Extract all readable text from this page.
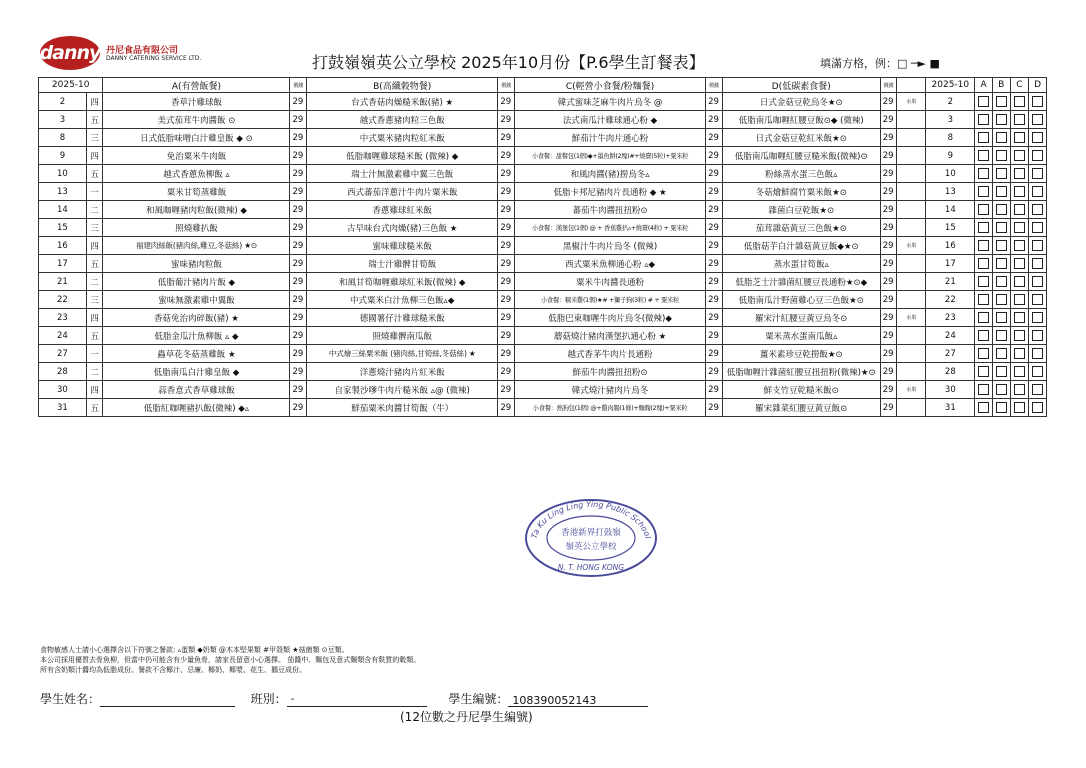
danny 丹尼食品有限公司
DANNY CATERING SERVICE LTD.	打鼓嶺嶺英公立學校 2025年10月份【P.6學生訂餐表】	填滿方格，例：□ ─► ■
2025-10		A(有營飯餐)	價錢	B(高纖穀物餐)	價錢	C(輕營小食餐/粉麵餐)	價錢	D(低碳素食餐)	價錢		2025-10	A	B	C	D
2	四	香草汁雞球飯	29	台式香菇肉燥糙米飯(豬) ★	29	韓式蜜味芝麻牛肉片烏冬 @	29	日式金菇豆乾烏冬★⊙	29	水果	2				
3	五	美式茄茸牛肉醬飯 ⊙	29	越式香蔥豬肉粒三色飯	29	法式南瓜汁雞球通心粉 ◆	29	低脂南瓜咖喱紅腰豆飯⊙◆ (微辣)	29		3				
8	三	日式低脂味噌白汁雞皇飯 ◆ ⊙	29	中式粟米豬肉粒紅米飯	29	鮮茄汁牛肉片通心粉	29	日式金菇豆乾紅米飯★⊙	29		8				
9	四	免治粟米牛肉飯	29	低脂咖喱雞球糙米飯 (微辣) ◆	29	小食餐：甜餐包(1個)◆+墨魚餅(2塊)#+燒賣(5粒)+粟米粒	29	低脂南瓜咖喱紅腰豆糙米飯(微辣)⊙	29		9				
10	五	越式香蔥魚柳飯 ▵	29	瑞士汁無激素雞中翼三色飯	29	和風肉醬(豬)撈烏冬▵	29	粉絲蒸水蛋三色飯▵	29		10				
13	一	粟米甘筍蒸雞飯	29	西式蕃茄洋蔥汁牛肉片粟米飯	29	低脂卡邦尼豬肉片長通粉 ◆ ★	29	冬菇燴鮮腐竹粟米飯★⊙	29		13				
14	二	和風咖喱豬肉粒飯(微辣) ◆	29	香蔥雞球紅米飯	29	蕃茄牛肉醬扭扭粉⊙	29	雜菌白豆乾飯★⊙	29		14				
15	三	照燒雞扒飯	29	古早味台式肉燥(豬)三色飯 ★	29	小食餐：漢堡包(1個) @ + 香蕉雞扒▵+燒賣(4粒) + 粟米粒	29	茄茸雜菇黃豆三色飯★⊙	29		15				
16	四	福建肉絲飯(豬肉絲,雞豆,冬菇絲) ★⊙	29	蜜味雞球糙米飯	29	黑椒汁牛肉片烏冬 (微辣)	29	低脂菇芋白汁雜菇黃豆飯◆★⊙	29	水果	16				
17	五	蜜味豬肉粒飯	29	瑞士汁雞髀甘筍飯	29	西式粟米魚柳通心粉 ▵◆	29	蒸水蛋甘筍飯▵	29		17				
21	二	低脂葡汁豬肉片飯 ◆	29	和風甘筍咖喱雞球紅米飯(微辣) ◆	29	粟米牛肉醬長通粉	29	低脂芝士汁雜菌紅腰豆長通粉★⊙◆	29		21				
22	三	蜜味無激素雞中翼飯	29	中式粟米白汁魚柳三色飯▵◆	29	小食餐：糯米雞(1個)★# +獅子狗(3粒) # + 粟米粒	29	低脂南瓜汁野菌雞心豆三色飯★⊙	29		22				
23	四	香菇免治肉碎飯(豬) ★	29	德國薯仔汁雞球糙米飯	29	低脂巴東咖喱牛肉片烏冬(微辣)◆	29	羅宋汁紅腰豆黃豆烏冬⊙	29	水果	23				
24	五	低脂金瓜汁魚柳飯 ▵ ◆	29	照燒雞髀南瓜飯	29	蘑菇燒汁豬肉漢堡扒通心粉 ★	29	粟米蒸水蛋南瓜飯▵	29		24				
27	一	蟲草花冬菇蒸雞飯 ★	29	中式燴三絲粟米飯 (豬肉絲,甘筍絲,冬菇絲) ★	29	越式香茅牛肉片長通粉	29	薑米素珍豆乾撈飯★⊙	29		27				
28	二	低脂南瓜白汁雞皇飯 ◆	29	洋蔥燒汁豬肉片紅米飯	29	鮮茄牛肉醬扭扭粉⊙	29	低脂咖喱汁雜菌紅腰豆扭扭粉(微辣)★⊙	29		28				
30	四	蒜香意式香草雞球飯	29	自家製沙嗲牛肉片糙米飯 ▵@ (微辣)	29	韓式燒汁豬肉片烏冬	29	鮮支竹豆乾糙米飯⊙	29	水果	30				
31	五	低脂紅咖喱豬扒飯(微辣) ◆▵	29	鮮茄粟米肉醬甘筍飯（牛）	29	小食餐：熱狗包(1個) @+雞肉腸(1條)+麵麴(2塊)+粟米粒	29	羅宋雜菜紅腰豆黃豆飯⊙	29		31				
Ta Ku Ling Ling Ying Public School
香港新界打鼓嶺
嶺英公立學校
N. T. HONG KONG
食物敏感人士請小心選擇含以下符號之餐款: ▵蛋類 ◆奶類 @木本堅果類 #甲殼類 ★菇菌類 ⊙豆類。
本公司採用優質去骨魚柳，但當中仍可能含有少量魚骨，請家長留意小心選擇。 茄醬中、麵包及意式麵類含有麩質的穀類。
所有含奶類汁醬均為低脂成份。餐款不含椰汁、忌廉、椰奶、椰漿、花生、鵝豆成份。
學生姓名：	班別： -	學生編號： 108390052143
(12位數之丹尼學生編號)
